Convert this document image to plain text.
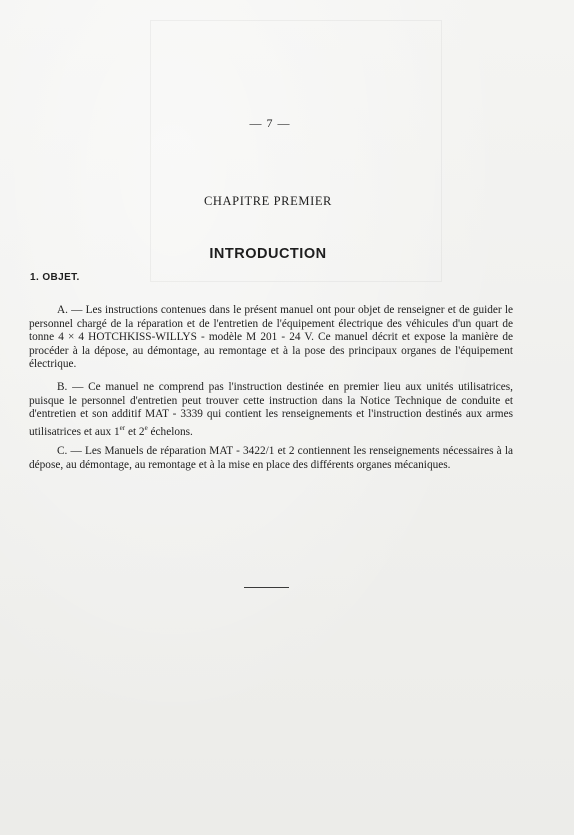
— 7 —
CHAPITRE PREMIER
INTRODUCTION
1. OBJET.

A. — Les instructions contenues dans le présent manuel ont pour objet de renseigner et de guider le personnel chargé de la réparation et de l'entretien de l'équipement électrique des véhicules d'un quart de tonne 4 × 4 HOTCHKISS-WILLYS - modèle M 201 - 24 V. Ce manuel décrit et expose la manière de procéder à la dépose, au démontage, au remontage et à la pose des principaux organes de l'équipement électrique.

B. — Ce manuel ne comprend pas l'instruction destinée en premier lieu aux unités utilisatrices, puisque le personnel d'entretien peut trouver cette instruction dans la Notice Technique de conduite et d'entretien et son additif MAT - 3339 qui contient les renseignements et l'instruction destinés aux armes utilisatrices et aux 1er et 2e échelons.

C. — Les Manuels de réparation MAT - 3422/1 et 2 contiennent les renseignements nécessaires à la dépose, au démontage, au remontage et à la mise en place des différents organes mécaniques.
